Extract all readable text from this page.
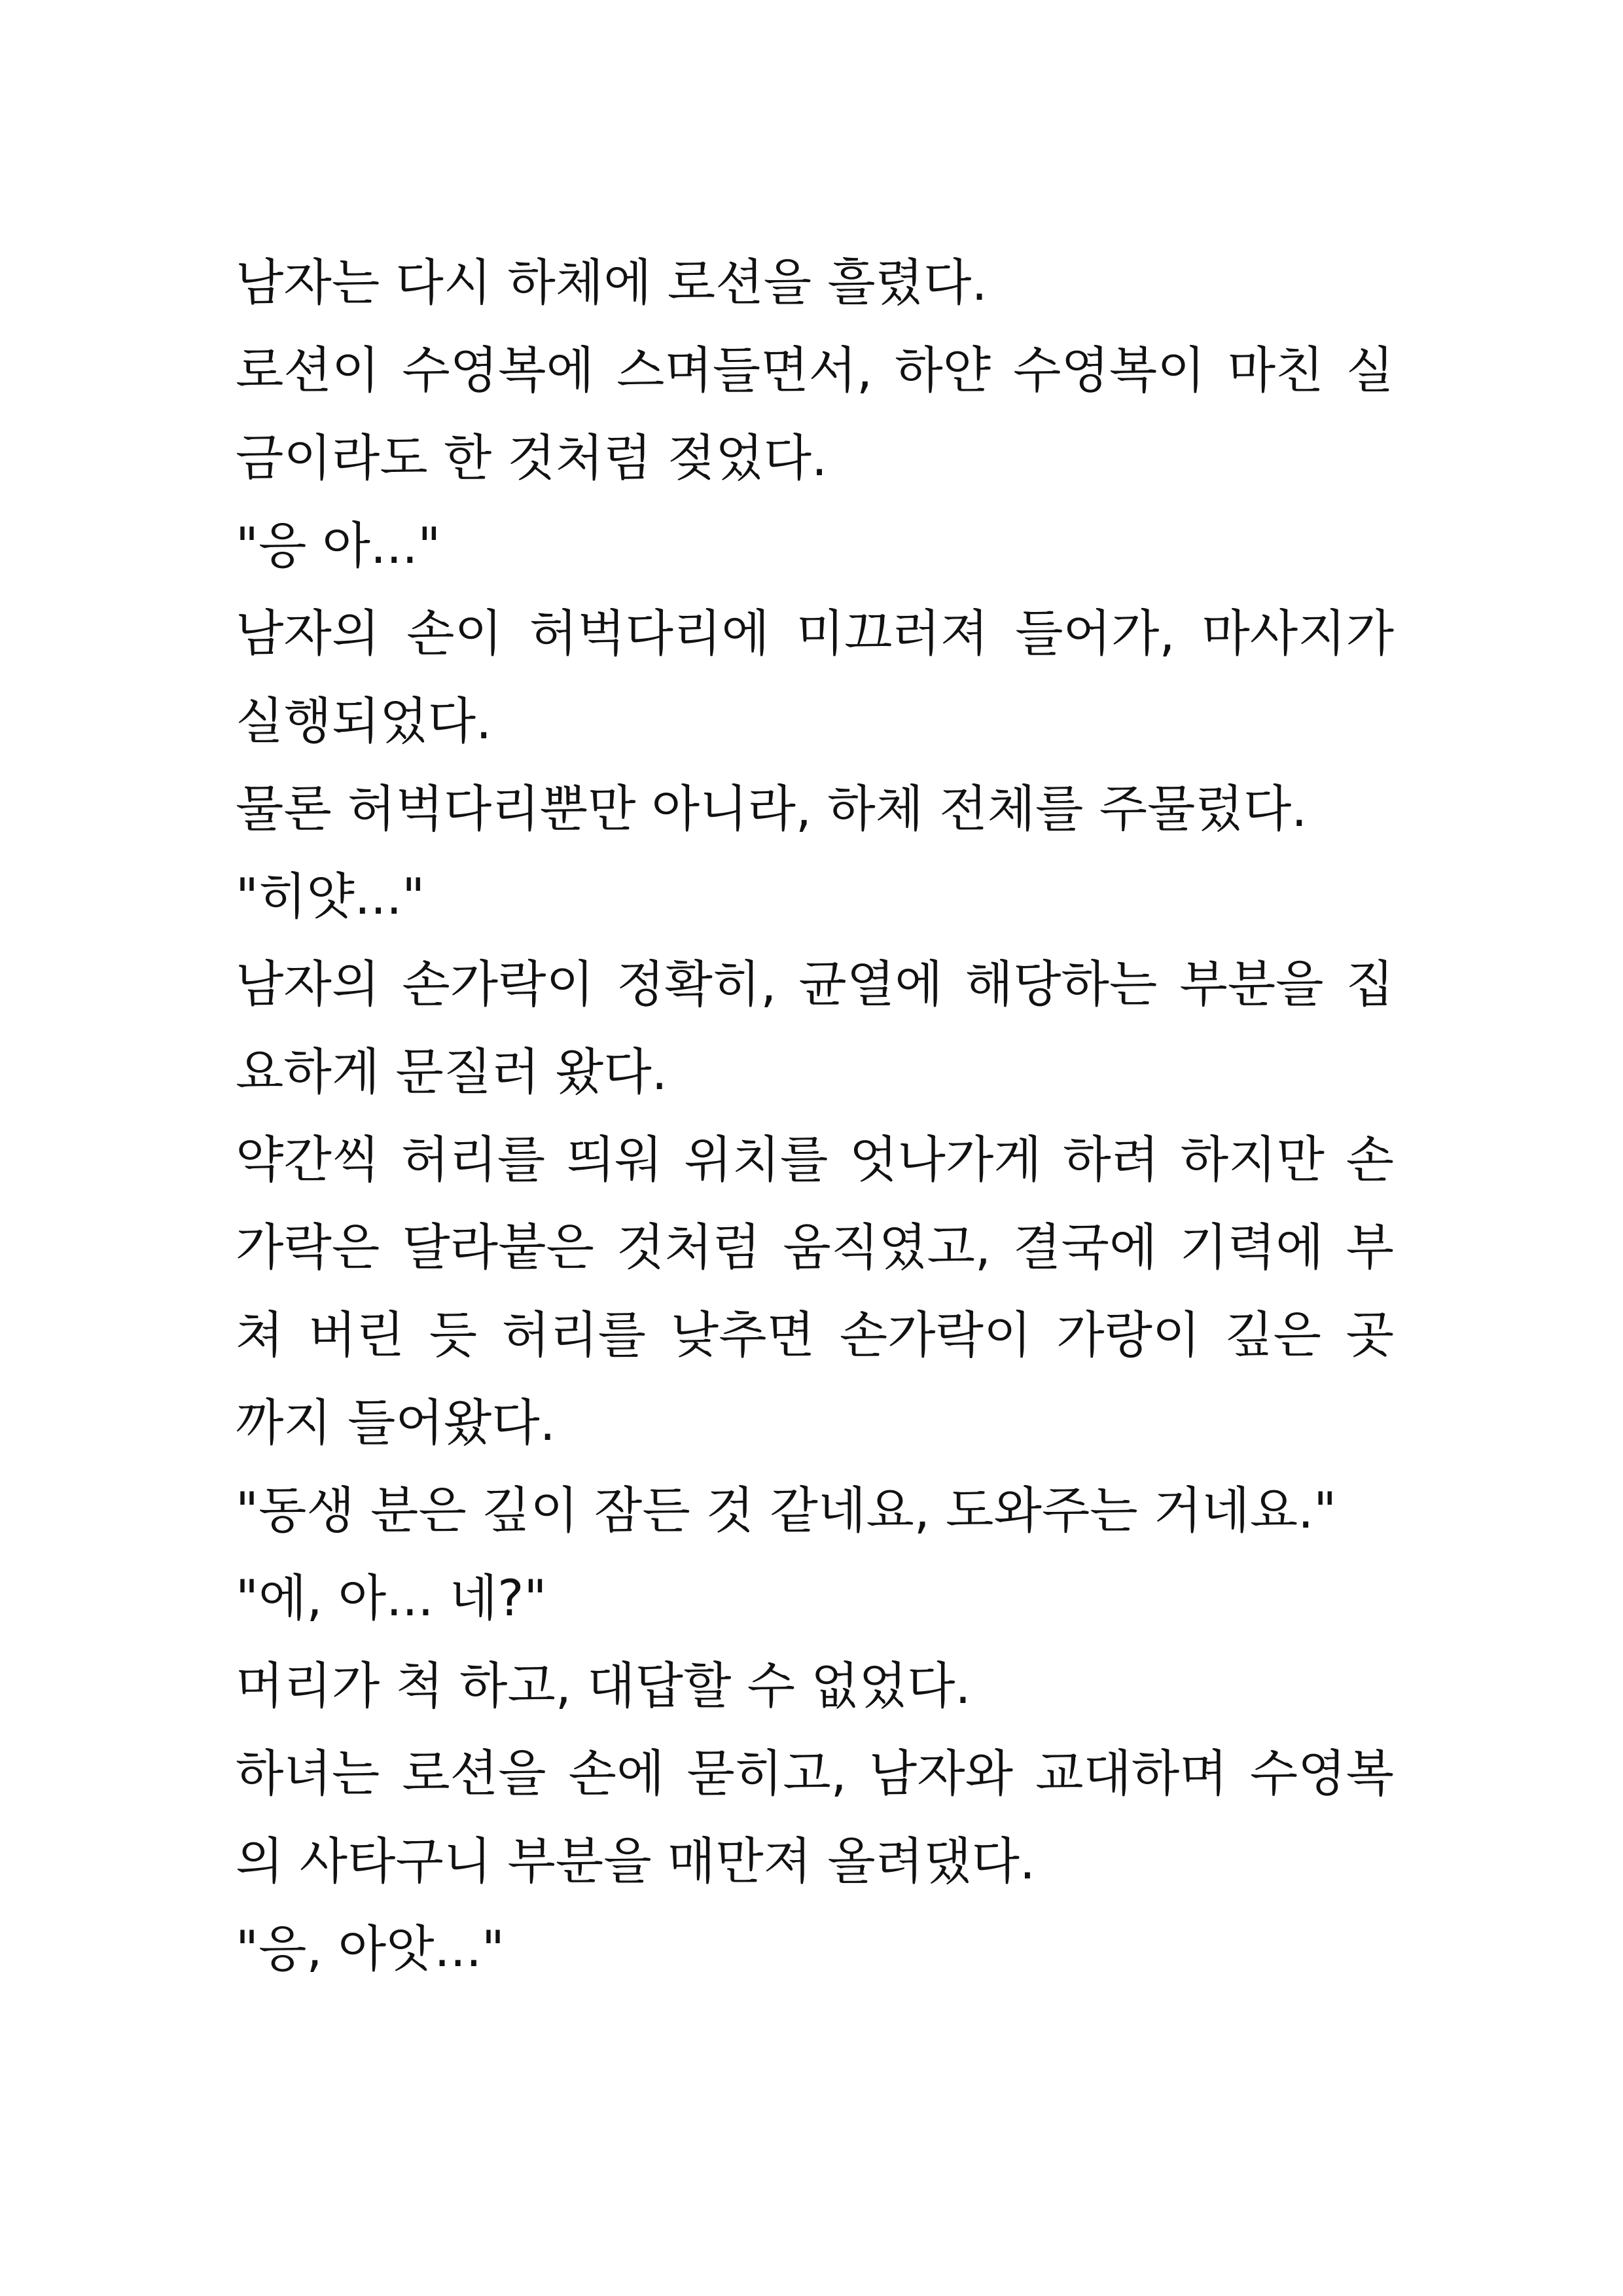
남자는 다시 하체에 로션을 흘렸다.
로션이 수영복에 스며들면서, 하얀 수영복이 마친 실
금이라도 한 것처럼 젖었다.
"응 아..."
남자의 손이 허벅다리에 미끄러져 들어가, 마사지가
실행되었다.
물론 허벅다리뿐만 아니라, 하체 전체를 주물렀다.
"히얏..."
남자의 손가락이 정확히, 균열에 해당하는 부분을 집
요하게 문질러 왔다.
약간씩 허리를 띄워 위치를 엇나가게 하려 하지만 손
가락은 달라붙은 것처럼 움직였고, 결국에 기력에 부
쳐 버린 듯 허리를 낮추면 손가락이 가랑이 깊은 곳
까지 들어왔다.
"동생 분은 깊이 잠든 것 같네요, 도와주는 거네요."
"에, 아... 네?"
머리가 척 하고, 대답할 수 없었다.
하녀는 로션을 손에 묻히고, 남자와 교대하며 수영복
의 사타구니 부분을 매만져 올려댔다.
"응, 아앗..."
